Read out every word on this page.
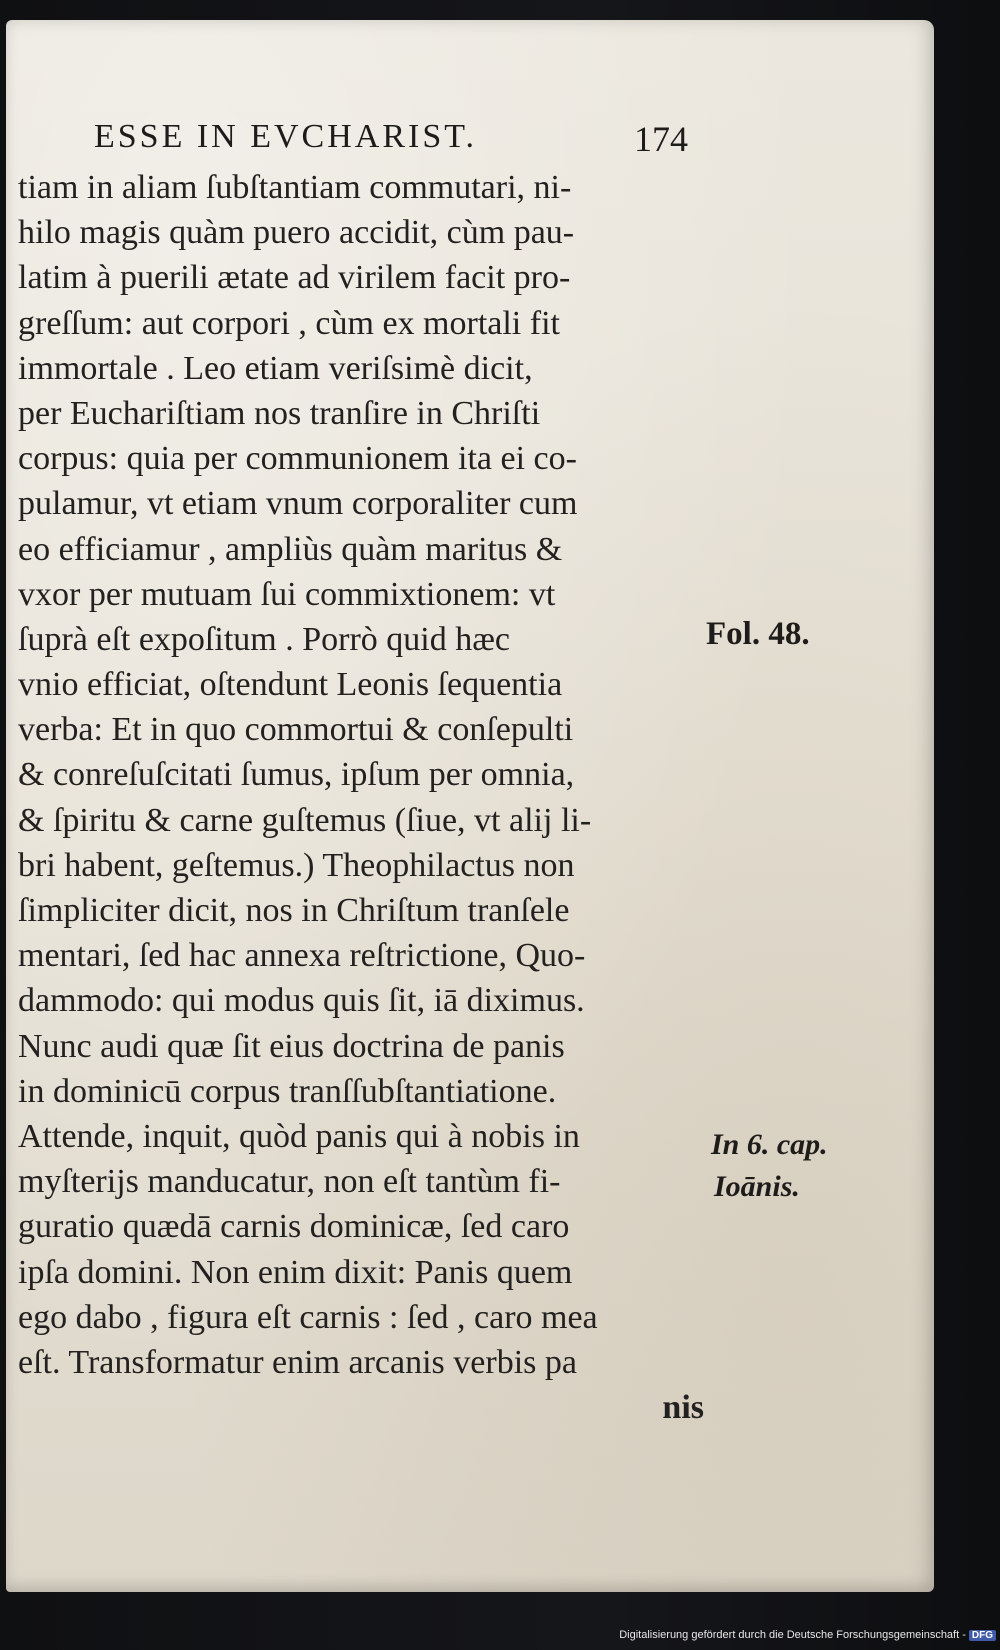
ESSE IN EVCHARIST.	174
tiam in aliam ſubſtantiam commutari, ni-
hilo magis quàm puero accidit, cùm pau-
latim à puerili ætate ad virilem facit pro-
greſſum: aut corpori , cùm ex mortali fit
immortale . Leo etiam veriſsimè dicit,
per Euchariſtiam nos tranſire in Chriſti
corpus: quia per communionem ita ei co-
pulamur, vt etiam vnum corporaliter cum
eo efficiamur , ampliùs quàm maritus &
vxor per mutuam ſui commixtionem: vt
ſuprà eſt expoſitum . Porrò quid hæc
vnio efficiat, oſtendunt Leonis ſequentia
verba: Et in quo commortui & conſepulti
& conreſuſcitati ſumus, ipſum per omnia,
& ſpiritu & carne guſtemus (ſiue, vt alij li-
bri habent, geſtemus.) Theophilactus non
ſimpliciter dicit, nos in Chriſtum tranſele
mentari, ſed hac annexa reſtrictione, Quo-
dammodo: qui modus quis ſit, iā diximus.
Nunc audi quæ ſit eius doctrina de panis
in dominicū corpus tranſſubſtantiatione.
Attende, inquit, quòd panis qui à nobis in
myſterijs manducatur, non eſt tantùm fi-
guratio quædā carnis dominicæ, ſed caro
ipſa domini. Non enim dixit: Panis quem
ego dabo , figura eſt carnis : ſed , caro mea
eſt. Transformatur enim arcanis verbis pa
nis
Fol. 48.
In 6. cap.
Ioānis.
Digitalisierung gefördert durch die Deutsche Forschungsgemeinschaft - DFG
